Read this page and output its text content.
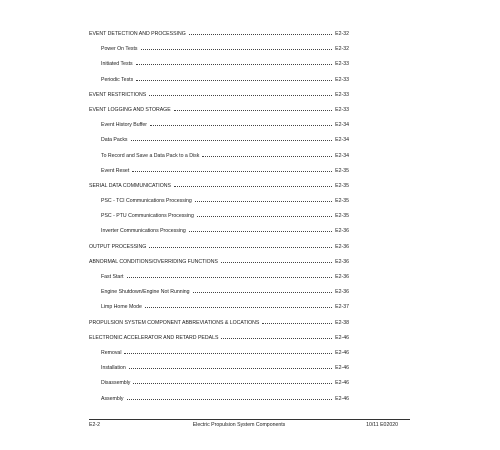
EVENT DETECTION AND PROCESSING	E2-32
Power On Tests	E2-32
Initiated Tests	E2-33
Periodic Tests	E2-33
EVENT RESTRICTIONS	E2-33
EVENT LOGGING AND STORAGE	E2-33
Event History Buffer	E2-34
Data Packs	E2-34
To Record and Save a Data Pack to a Disk	E2-34
Event Reset	E2-35
SERIAL DATA COMMUNICATIONS	E2-35
PSC - TCI Communications Processing	E2-35
PSC - PTU Communications Processing	E2-35
Inverter Communications Processing	E2-36
OUTPUT PROCESSING	E2-36
ABNORMAL CONDITIONS/OVERRIDING FUNCTIONS	E2-36
Fast Start	E2-36
Engine Shutdown/Engine Not Running	E2-36
Limp Home Mode	E2-37
PROPULSION SYSTEM COMPONENT ABBREVIATIONS & LOCATIONS	E2-38
ELECTRONIC ACCELERATOR AND RETARD PEDALS	E2-46
Removal	E2-46
Installation	E2-46
Disassembly	E2-46
Assembly	E2-46
E2-2	Electric Propulsion System Components	10/11 E02020
